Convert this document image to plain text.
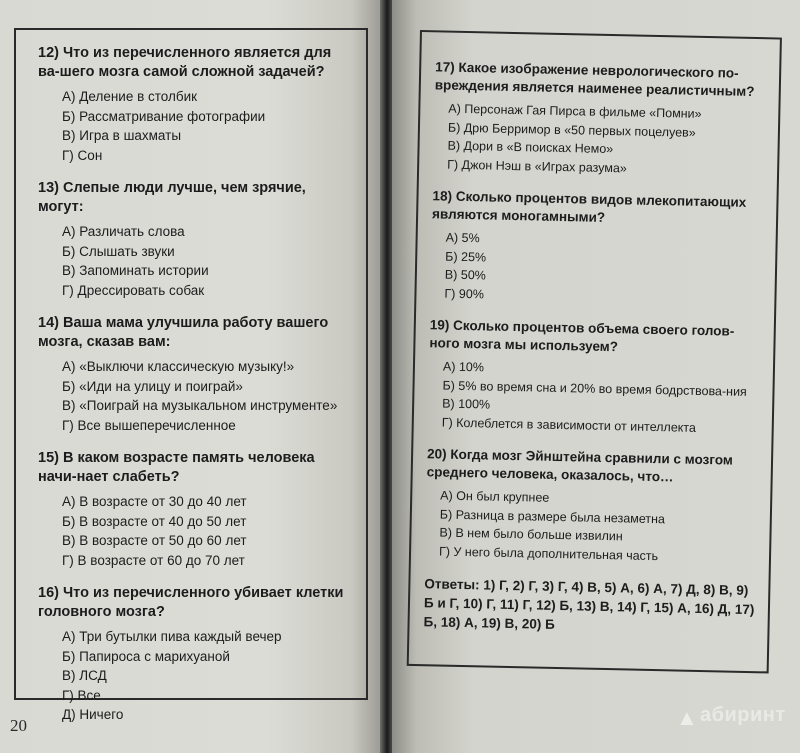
12) Что из перечисленного является для ва-шего мозга самой сложной задачей?

А) Деление в столбик
Б) Рассматривание фотографии
В) Игра в шахматы
Г) Сон

13) Слепые люди лучше, чем зрячие, могут:

А) Различать слова
Б) Слышать звуки
В) Запоминать истории
Г) Дрессировать собак

14) Ваша мама улучшила работу вашего мозга, сказав вам:

А) «Выключи классическую музыку!»
Б) «Иди на улицу и поиграй»
В) «Поиграй на музыкальном инструменте»
Г) Все вышеперечисленное

15) В каком возрасте память человека начи-нает слабеть?

А) В возрасте от 30 до 40 лет
Б) В возрасте от 40 до 50 лет
В) В возрасте от 50 до 60 лет
Г) В возрасте от 60 до 70 лет

16) Что из перечисленного убивает клетки головного мозга?

А) Три бутылки пива каждый вечер
Б) Папироса с марихуаной
В) ЛСД
Г) Все
Д) Ничего
20

17) Какое изображение неврологического по-вреждения является наименее реалистичным?

А) Персонаж Гая Пирса в фильме «Помни»
Б) Дрю Берримор в «50 первых поцелуев»
В) Дори в «В поисках Немо»
Г) Джон Нэш в «Играх разума»

18) Сколько процентов видов млекопитающих являются моногамными?

А) 5%
Б) 25%
В) 50%
Г) 90%

19) Сколько процентов объема своего голов-ного мозга мы используем?

А) 10%
Б) 5% во время сна и 20% во время бодрствова-ния
В) 100%
Г) Колеблется в зависимости от интеллекта

20) Когда мозг Эйнштейна сравнили с мозгом среднего человека, оказалось, что…

А) Он был крупнее
Б) Разница в размере была незаметна
В) В нем было больше извилин
Г) У него была дополнительная часть
Ответы: 1) Г, 2) Г, 3) Г, 4) В, 5) А, 6) А, 7) Д, 8) В, 9) Б и Г, 10) Г, 11) Г, 12) Б, 13) В, 14) Г, 15) А, 16) Д, 17) Б, 18) А, 19) В, 20) Б
▲абиринт
